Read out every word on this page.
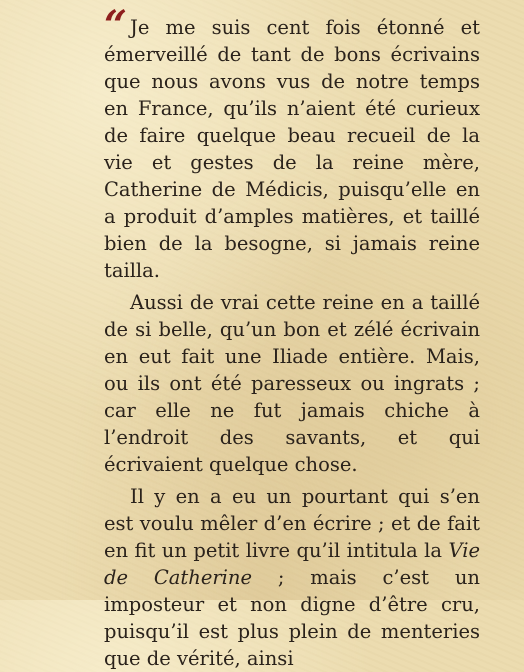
“ Je me suis cent fois étonné et émerveillé de tant de bons écrivains que nous avons vus de notre temps en France, qu’ils n’aient été curieux de faire quelque beau recueil de la vie et gestes de la reine mère, Catherine de Médicis, puisqu’elle en a produit d’amples matières, et taillé bien de la besogne, si jamais reine tailla.

Aussi de vrai cette reine en a taillé de si belle, qu’un bon et zélé écrivain en eut fait une Iliade entière. Mais, ou ils ont été paresseux ou ingrats ; car elle ne fut jamais chiche à l’endroit des savants, et qui écrivaient quelque chose.

Il y en a eu un pourtant qui s’en est voulu mêler d’en écrire ; et de fait en fit un petit livre qu’il intitula la Vie de Catherine ; mais c’est un imposteur et non digne d’être cru, puisqu’il est plus plein de menteries que de vérité, ainsi
